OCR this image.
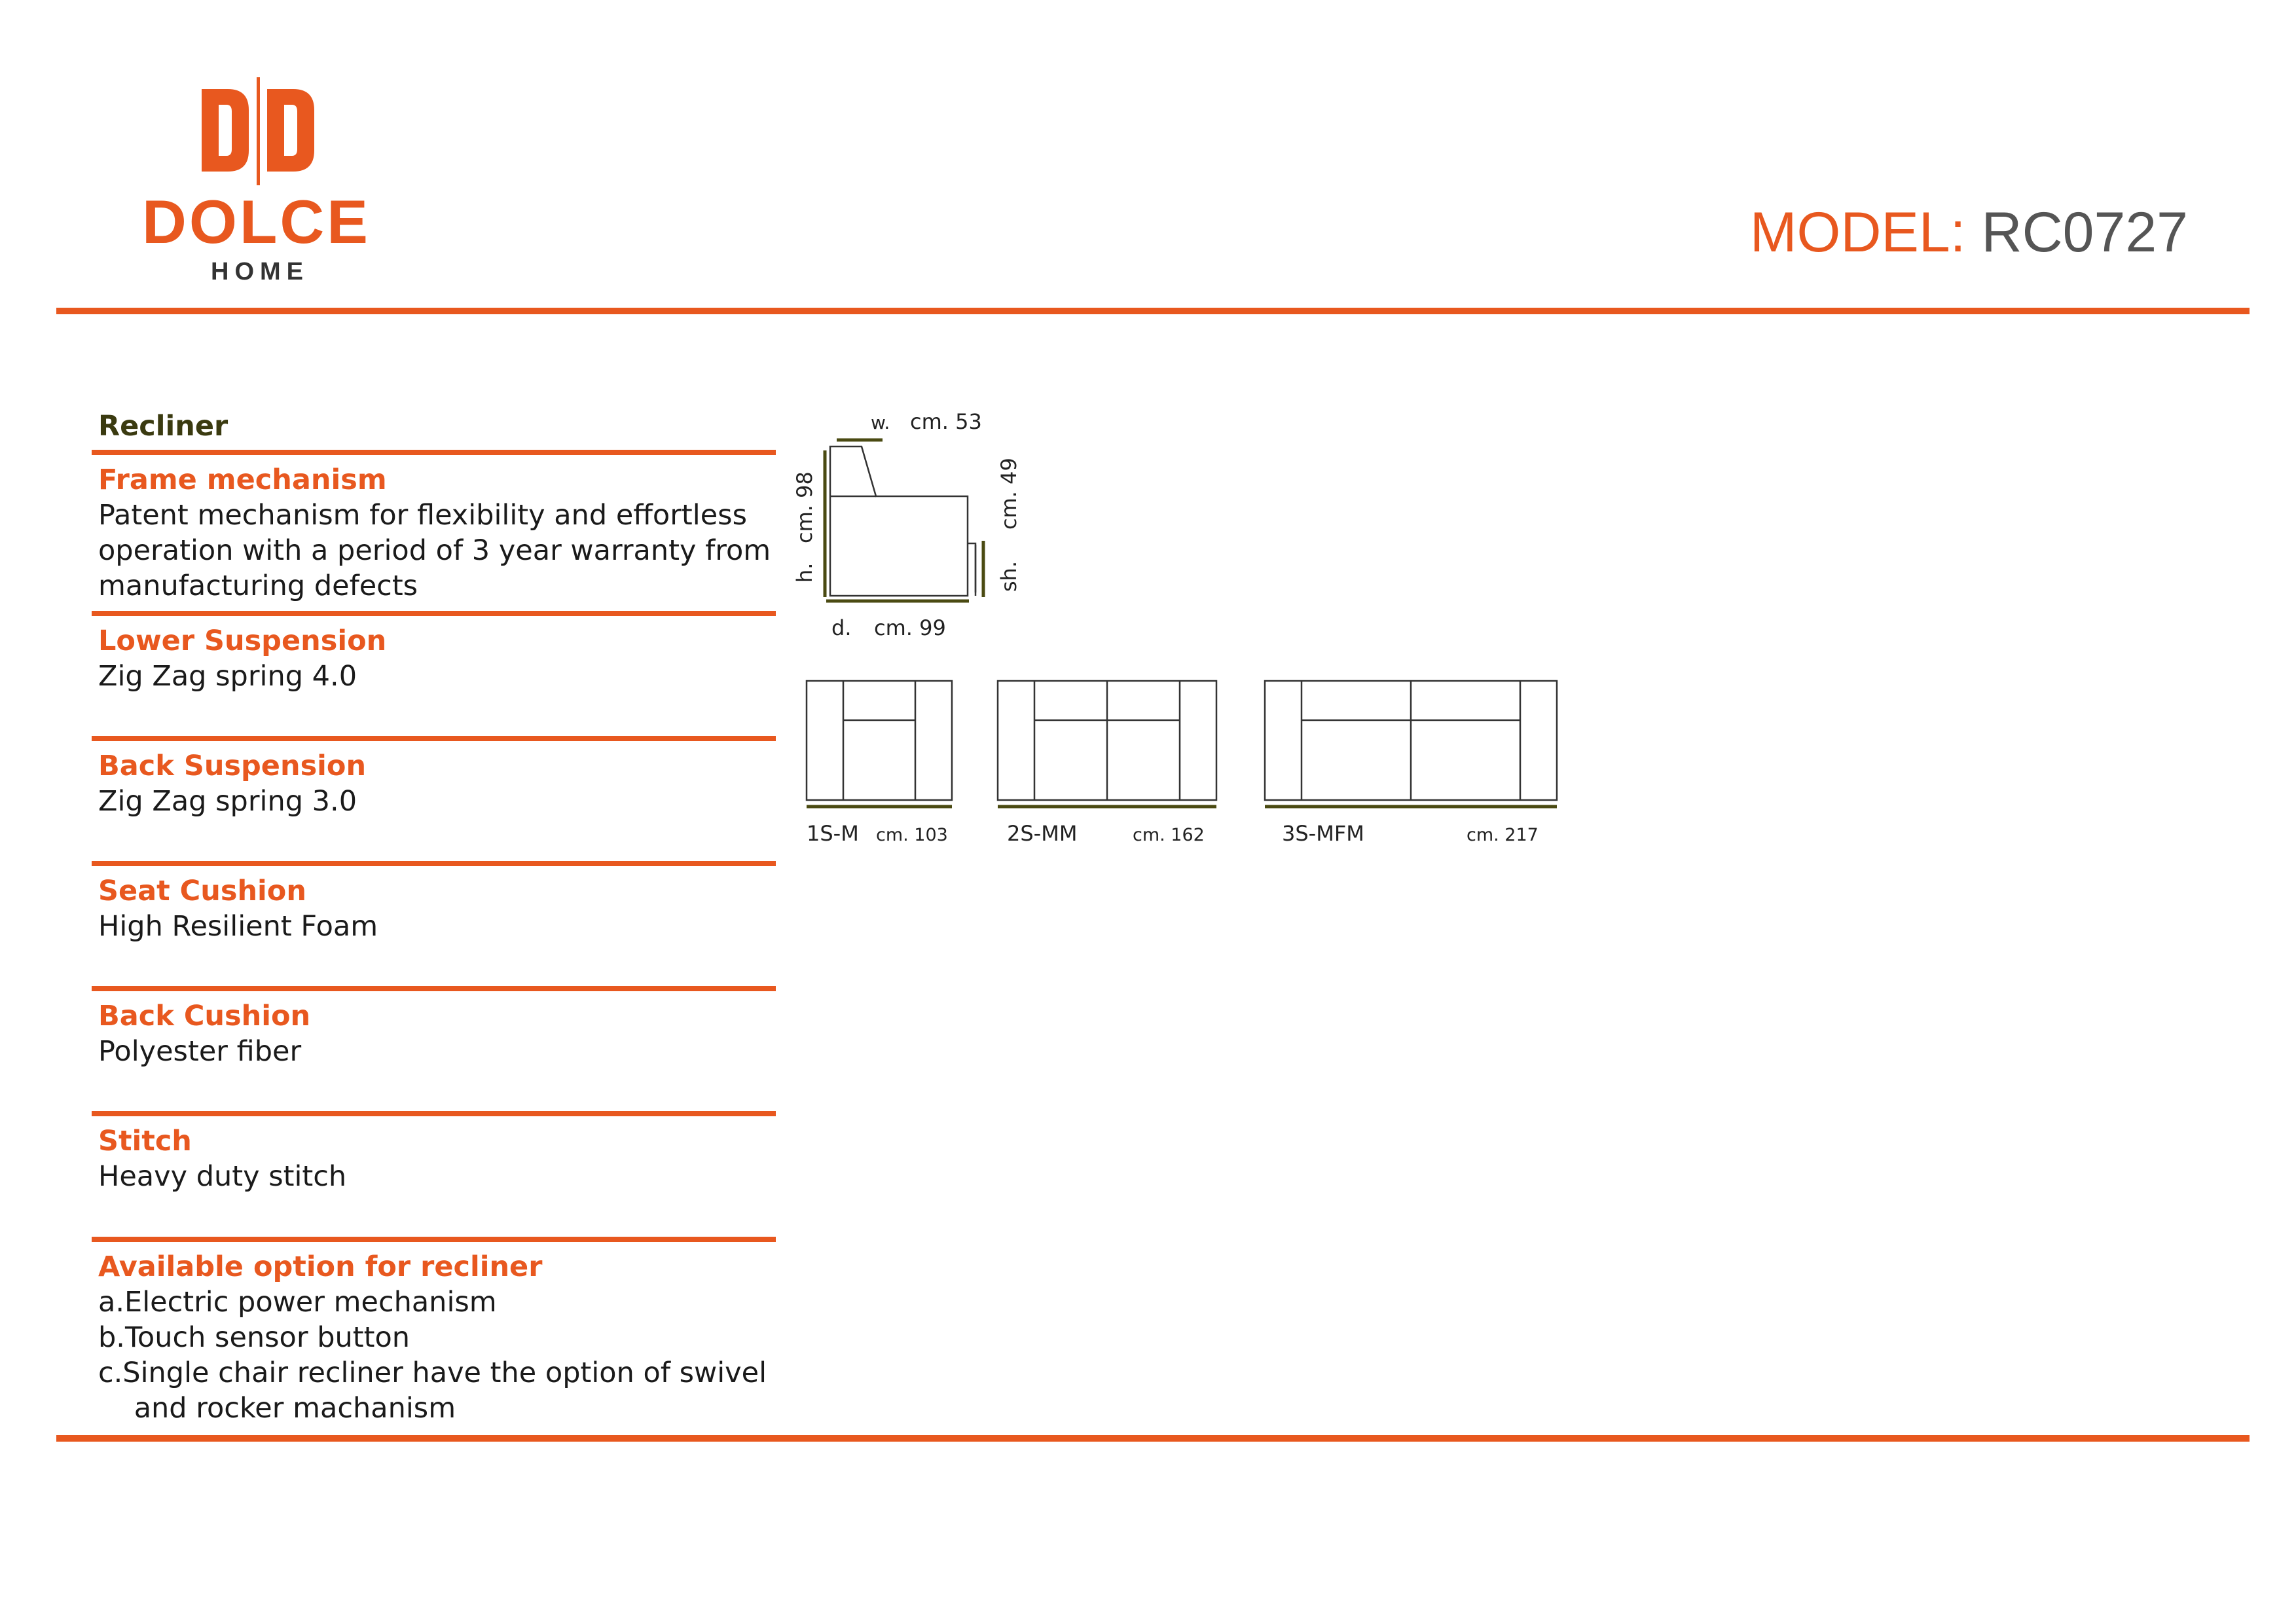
DOLCE
HOME
MODEL: RC0727
Recliner
Frame mechanism
Patent mechanism for flexibility and effortless
operation with a period of 3 year warranty from
manufacturing defects
Lower Suspension
Zig Zag spring 4.0
Back Suspension
Zig Zag spring 3.0
Seat Cushion
High Resilient Foam
Back Cushion
Polyester fiber
Stitch
Heavy duty stitch
Available option for recliner
a.Electric power mechanism
b.Touch sensor button
c.Single chair recliner have the option of swivel
and rocker machanism
w. cm. 53
d. cm. 99
h.
cm. 98
sh.
cm. 49
1S-M cm. 103	2S-MM	cm. 162	3S-MFM	cm. 217
